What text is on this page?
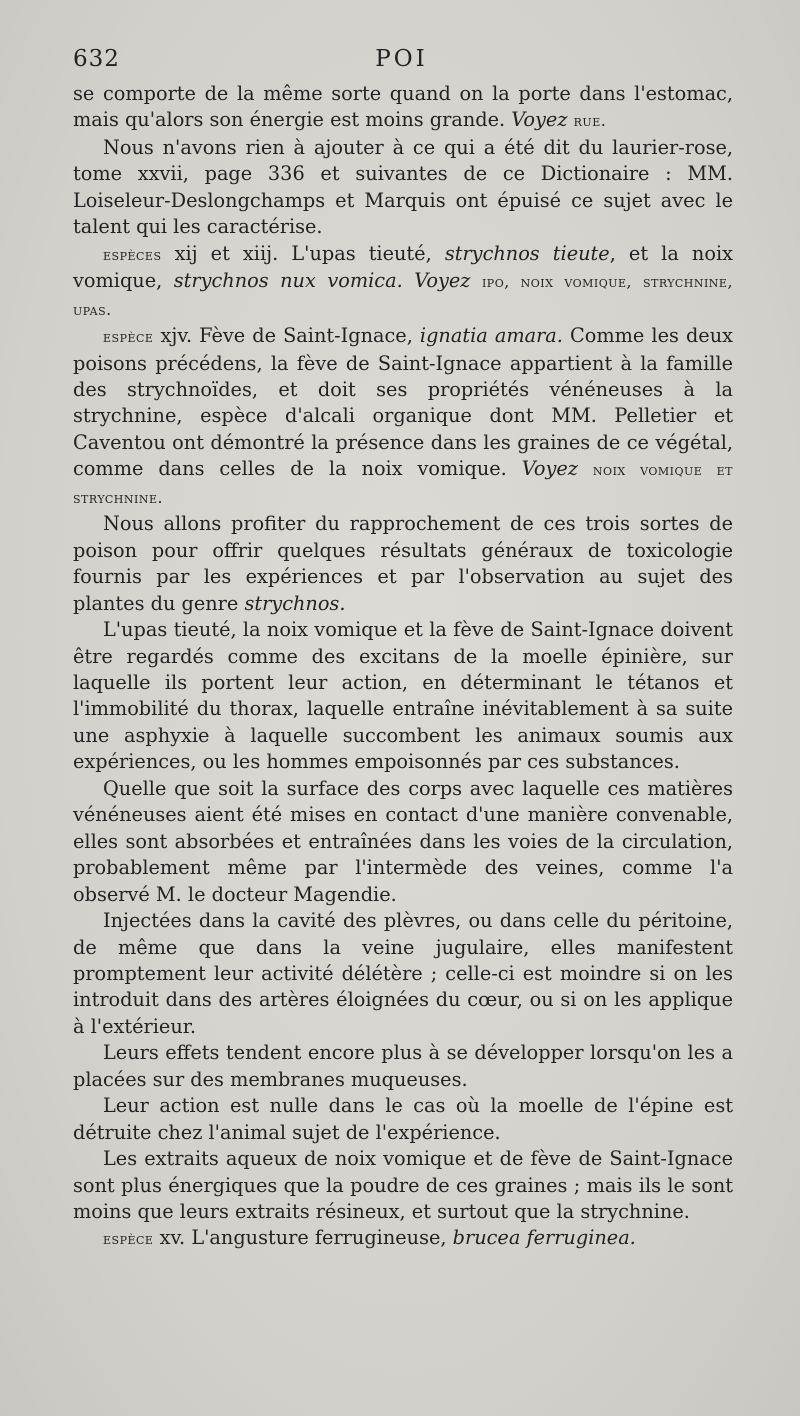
632	POI

se comporte de la même sorte quand on la porte dans l'estomac, mais qu'alors son énergie est moins grande. Voyez rue.

Nous n'avons rien à ajouter à ce qui a été dit du laurier-rose, tome xxvii, page 336 et suivantes de ce Dictionaire : MM. Loiseleur-Deslongchamps et Marquis ont épuisé ce sujet avec le talent qui les caractérise.

espèces xij et xiij. L'upas tieuté, strychnos tieute, et la noix vomique, strychnos nux vomica. Voyez ipo, noix vomique, strychnine, upas.

espèce xjv. Fève de Saint-Ignace, ignatia amara. Comme les deux poisons précédens, la fève de Saint-Ignace appartient à la famille des strychnoïdes, et doit ses propriétés vénéneuses à la strychnine, espèce d'alcali organique dont MM. Pelletier et Caventou ont démontré la présence dans les graines de ce végétal, comme dans celles de la noix vomique. Voyez noix vomique et strychnine.

Nous allons profiter du rapprochement de ces trois sortes de poison pour offrir quelques résultats généraux de toxicologie fournis par les expériences et par l'observation au sujet des plantes du genre strychnos.

L'upas tieuté, la noix vomique et la fève de Saint-Ignace doivent être regardés comme des excitans de la moelle épinière, sur laquelle ils portent leur action, en déterminant le tétanos et l'immobilité du thorax, laquelle entraîne inévitablement à sa suite une asphyxie à laquelle succombent les animaux soumis aux expériences, ou les hommes empoisonnés par ces substances.

Quelle que soit la surface des corps avec laquelle ces matières vénéneuses aient été mises en contact d'une manière convenable, elles sont absorbées et entraînées dans les voies de la circulation, probablement même par l'intermède des veines, comme l'a observé M. le docteur Magendie.

Injectées dans la cavité des plèvres, ou dans celle du péritoine, de même que dans la veine jugulaire, elles manifestent promptement leur activité délétère ; celle-ci est moindre si on les introduit dans des artères éloignées du cœur, ou si on les applique à l'extérieur.

Leurs effets tendent encore plus à se développer lorsqu'on les a placées sur des membranes muqueuses.

Leur action est nulle dans le cas où la moelle de l'épine est détruite chez l'animal sujet de l'expérience.

Les extraits aqueux de noix vomique et de fève de Saint-Ignace sont plus énergiques que la poudre de ces graines ; mais ils le sont moins que leurs extraits résineux, et surtout que la strychnine.

espèce xv. L'angusture ferrugineuse, brucea ferruginea.
